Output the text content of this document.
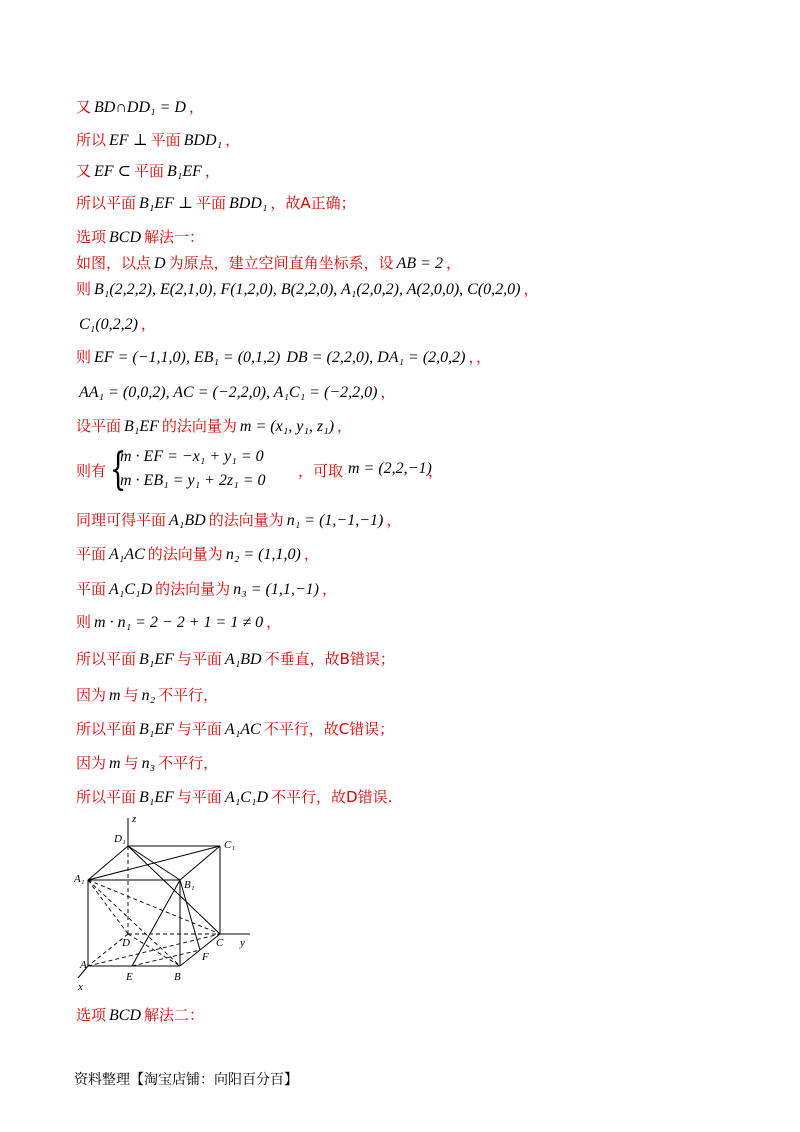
又 BD∩DD₁ = D ，
所以 EF ⊥ 平面 BDD₁ ，
又 EF ⊂ 平面 B₁EF ，
所以平面 B₁EF ⊥ 平面 BDD₁ ，故A正确；
选项 BCD 解法一：
如图，以点 D 为原点，建立空间直角坐标系，设 AB = 2 ，
则 B₁(2,2,2), E(2,1,0), F(1,2,0), B(2,2,0), A₁(2,0,2), A(2,0,0), C(0,2,0) ，
C₁(0,2,2) ，
则 EF = (−1,1,0), EB₁ = (0,1,2) DB = (2,2,0), DA₁ = (2,0,2) ，，
AA₁ = (0,0,2), AC = (−2,2,0), A₁C₁ = (−2,2,0) ，
设平面 B₁EF 的法向量为 m = (x₁, y₁, z₁) ，
同理可得平面 A₁BD 的法向量为 n₁ = (1,−1,−1) ，
平面 A₁AC 的法向量为 n₂ = (1,1,0) ，
平面 A₁C₁D 的法向量为 n₃ = (1,1,−1) ，
则 m · n₁ = 2 − 2 + 1 = 1 ≠ 0 ，
所以平面 B₁EF 与平面 A₁BD 不垂直，故B错误；
因为 m 与 n₂ 不平行，
所以平面 B₁EF 与平面 A₁AC 不平行，故C错误；
因为 m 与 n₃ 不平行，
所以平面 B₁EF 与平面 A₁C₁D 不平行，故D错误.
选项 BCD 解法二：
则有 {
m · EF = −x₁ + y₁ = 0
m · EB₁ = y₁ + 2z₁ = 0
，可取 m = (2,2,−1)
，
D₁
z
C₁
A₁	B₁
D	C y
A
F
E	B
x
资料整理【淘宝店铺：向阳百分百】
